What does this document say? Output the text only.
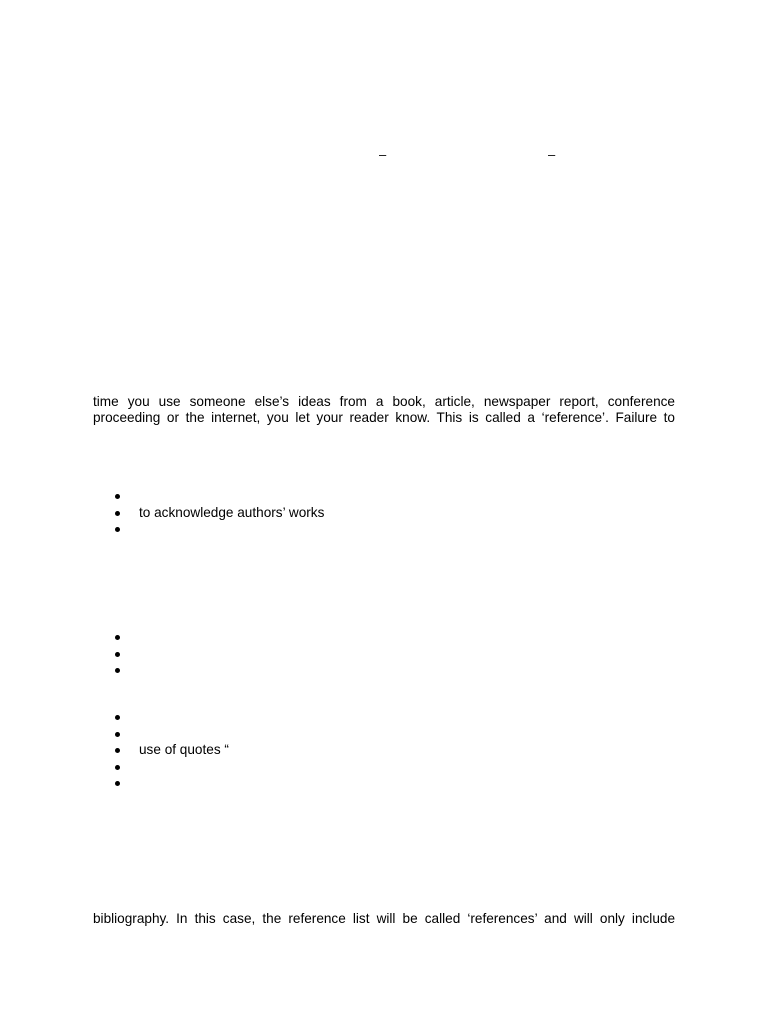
–	–
time you use someone else’s ideas from a book, article, newspaper report, conference
proceeding or the internet, you let your reader know. This is called a ‘reference’. Failure to
to acknowledge authors’ works
use of quotes “
bibliography. In this case, the reference list will be called ‘references’ and will only include
